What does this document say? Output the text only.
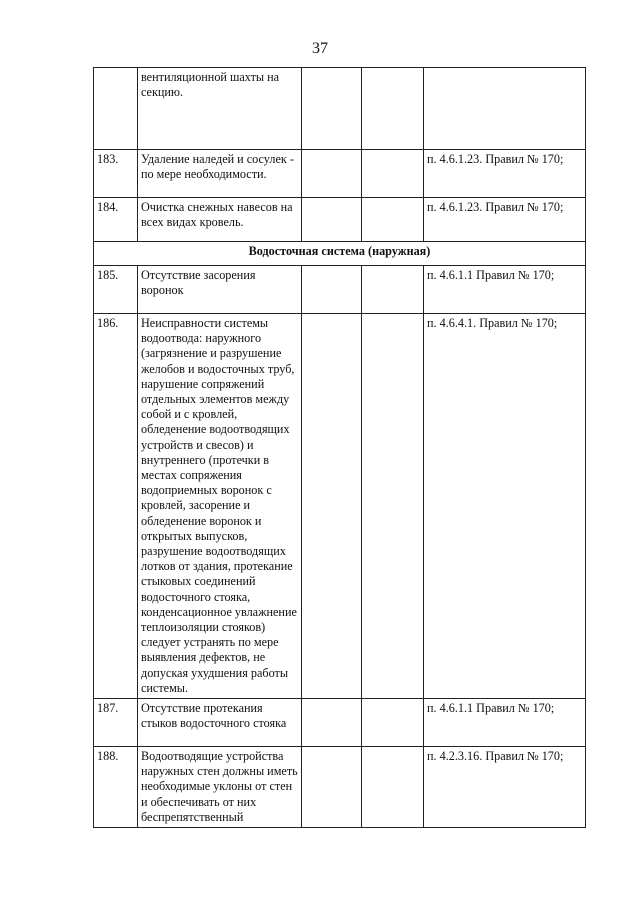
37
	вентиляционной шахты на секцию.			
183.	Удаление наледей и сосулек - по мере необходимости.			п. 4.6.1.23. Правил № 170;
184.	Очистка снежных навесов на всех видах кровель.			п. 4.6.1.23. Правил № 170;
Водосточная система (наружная)				
185.	Отсутствие засорения воронок			п. 4.6.1.1 Правил № 170;
186.	Неисправности системы водоотвода: наружного (загрязнение и разрушение желобов и водосточных труб, нарушение сопряжений отдельных элементов между собой и с кровлей, обледенение водоотводящих устройств и свесов) и внутреннего (протечки в местах сопряжения водоприемных воронок с кровлей, засорение и обледенение воронок и открытых выпусков, разрушение водоотводящих лотков от здания, протекание стыковых соединений водосточного стояка, конденсационное увлажнение теплоизоляции стояков) следует устранять по мере выявления дефектов, не допуская ухудшения работы системы.			п. 4.6.4.1. Правил № 170;
187.	Отсутствие протекания стыков водосточного стояка			п. 4.6.1.1 Правил № 170;
188.	Водоотводящие устройства наружных стен должны иметь необходимые уклоны от стен и обеспечивать от них беспрепятственный			п. 4.2.3.16. Правил № 170;
